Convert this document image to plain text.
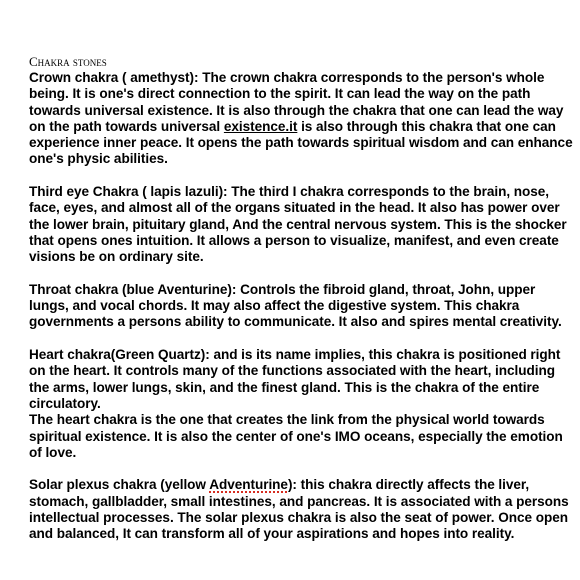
Chakra stones

Crown chakra ( amethyst): The crown chakra corresponds to the person's whole being. It is one's direct connection to the spirit. It can lead the way on the path towards universal existence. It is also through the chakra that one can lead the way on the path towards universal existence.it is also through this chakra that one can experience inner peace. It opens the path towards spiritual wisdom and can enhance one's physic abilities.

Third eye Chakra ( lapis lazuli): The third I chakra corresponds to the brain, nose, face, eyes, and almost all of the organs situated in the head. It also has power over the lower brain, pituitary gland, And the central nervous system. This is the shocker that opens ones intuition. It allows a person to visualize, manifest, and even create visions be on ordinary site.

Throat chakra (blue Aventurine): Controls the fibroid gland, throat, John, upper lungs, and vocal chords. It may also affect the digestive system. This chakra governments a persons ability to communicate. It also and spires mental creativity.

Heart chakra(Green Quartz): and is its name implies, this chakra is positioned right on the heart. It controls many of the functions associated with the heart, including the arms, lower lungs, skin, and the finest gland. This is the chakra of the entire circulatory.

The heart chakra is the one that creates the link from the physical world towards spiritual existence. It is also the center of one's IMO oceans, especially the emotion of love.

Solar plexus chakra (yellow Adventurine): this chakra directly affects the liver, stomach, gallbladder, small intestines, and pancreas. It is associated with a persons intellectual processes. The solar plexus chakra is also the seat of power. Once open and balanced, It can transform all of your aspirations and hopes into reality.
